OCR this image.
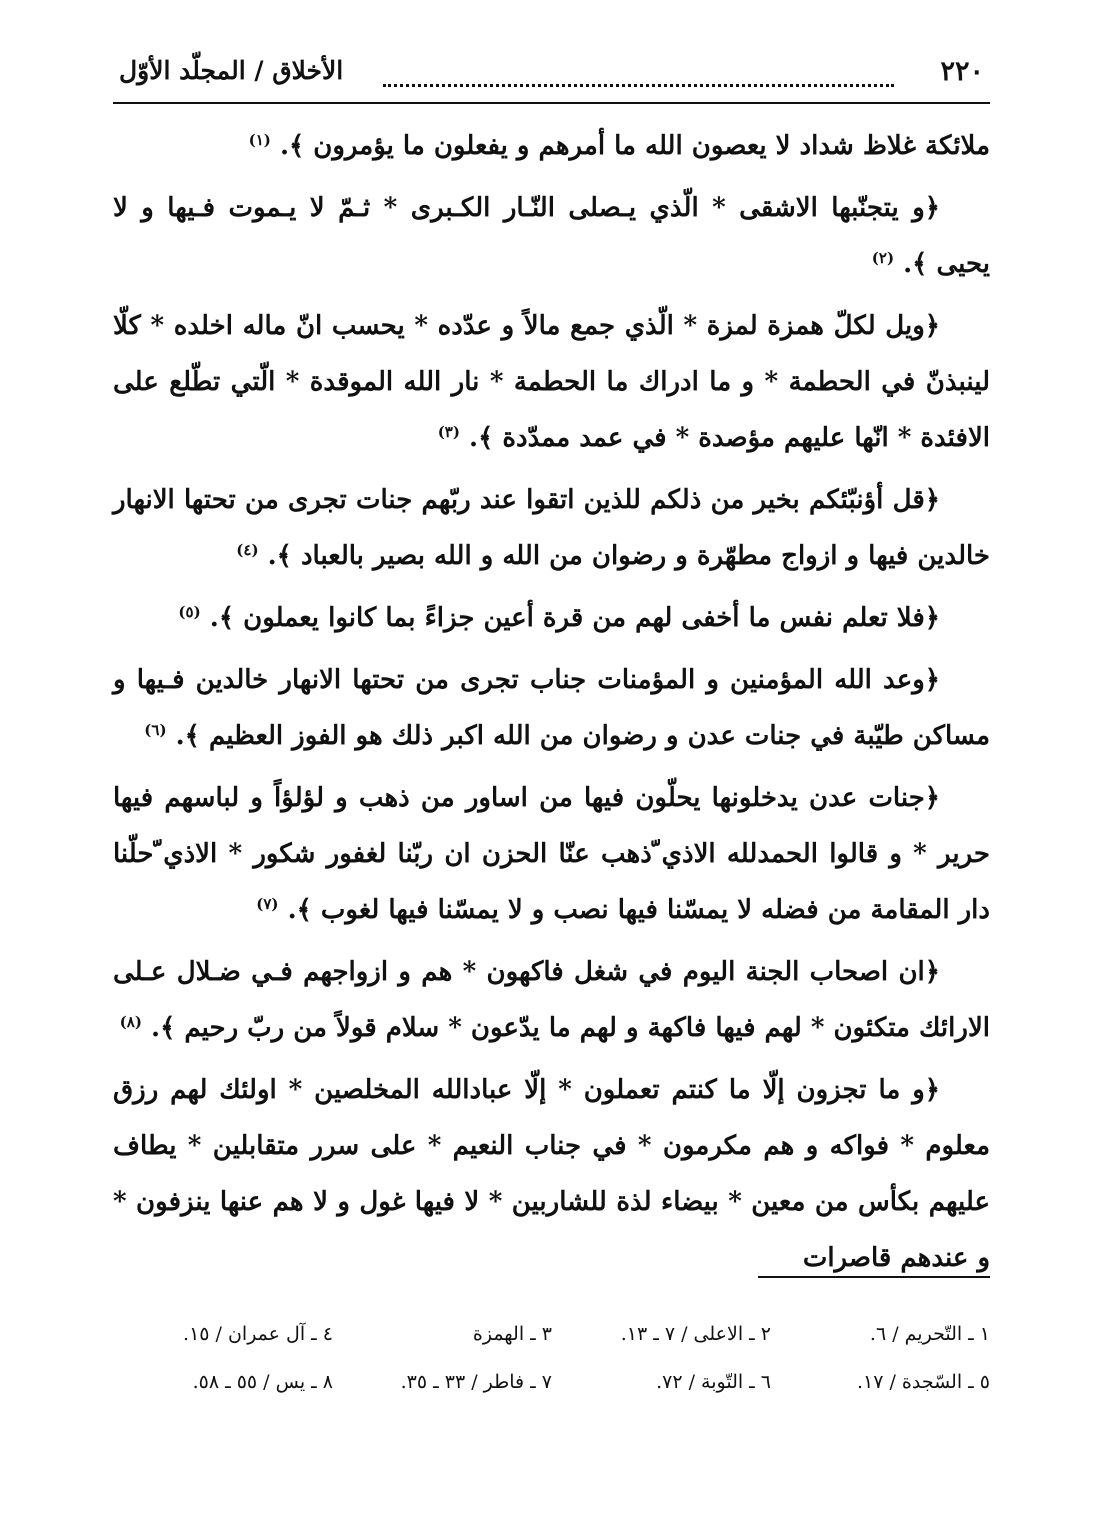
٢٢٠
الأخلاق / المجلّد الأوّل

ملائكة غلاظ شداد لا يعصون الله ما أمرهم و يفعلون ما يؤمرون ﴾. $^{(١)}$

﴿و يتجنّبها الاشقى * الّذي يـصلى النّـار الكـبرى * ثـمّ لا يـموت فـيها و لا يحيى ﴾. $^{(٢)}$

﴿ويل لكلّ همزة لمزة * الّذي جمع مالاً و عدّده * يحسب انّ ماله اخلده * كلّا لينبذنّ في الحطمة * و ما ادراك ما الحطمة * نار الله الموقدة * الّتي تطّلع على الافئدة * انّها عليهم مؤصدة * في عمد ممدّدة ﴾. $^{(٣)}$

﴿قل أؤنبّئكم بخير من ذلكم للذين اتقوا عند ربّهم جنات تجرى من تحتها الانهار خالدين فيها و ازواج مطهّرة و رضوان من الله و الله بصير بالعباد ﴾. $^{(٤)}$

﴿فلا تعلم نفس ما أخفى لهم من قرة أعين جزاءً بما كانوا يعملون ﴾. $^{(٥)}$

﴿وعد الله المؤمنين و المؤمنات جناب تجرى من تحتها الانهار خالدين فـيها و مساكن طيّبة في جنات عدن و رضوان من الله اكبر ذلك هو الفوز العظيم ﴾. $^{(٦)}$

﴿جنات عدن يدخلونها يحلّون فيها من اساور من ذهب و لؤلؤاً و لباسهم فيها حرير * و قالوا الحمدلله الاذي ّذهب عنّا الحزن ان ربّنا لغفور شكور * الاذي ّحلّنا دار المقامة من فضله لا يمسّنا فيها نصب و لا يمسّنا فيها لغوب ﴾. $^{(٧)}$

﴿ان اصحاب الجنة اليوم في شغل فاكهون * هم و ازواجهم فـي ضـلال عـلى الارائك متكئون * لهم فيها فاكهة و لهم ما يدّعون * سلام قولاً من ربّ رحيم ﴾. $^{(٨)}$

﴿و ما تجزون إلّا ما كنتم تعملون * إلّا عبادالله المخلصين * اولئك لهم رزق معلوم * فواكه و هم مكرمون * في جناب النعيم * على سرر متقابلين * يطاف عليهم بكأس من معين * بيضاء لذة للشاربين * لا فيها غول و لا هم عنها ينزفون * و عندهم قاصرات

١ ـ التّحريم / ٦.
٢ ـ الاعلى / ٧ ـ ١٣.
٣ ـ الهمزة
٤ ـ آل عمران / ١٥.
٥ ـ السّجدة / ١٧.
٦ ـ التّوبة / ٧٢.
٧ ـ فاطر / ٣٣ ـ ٣٥.
٨ ـ يس / ٥٥ ـ ٥٨.
